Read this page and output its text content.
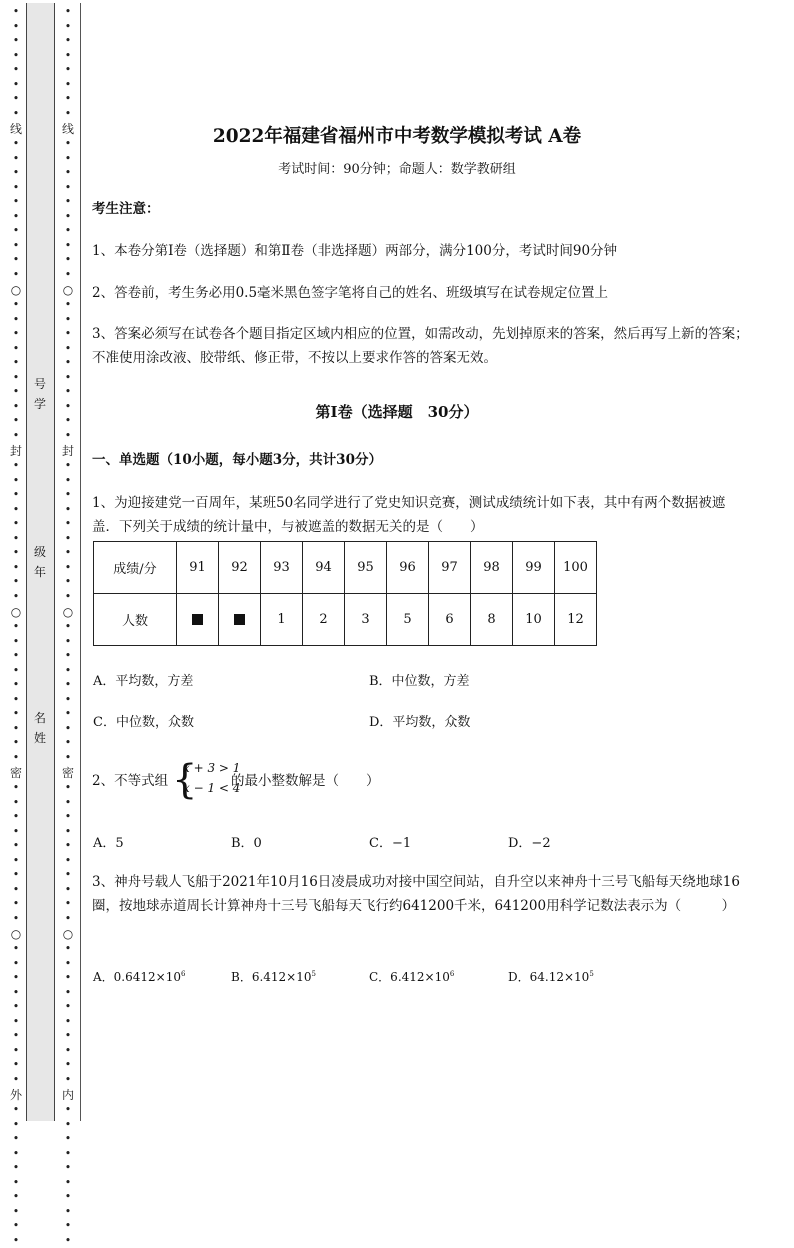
•
•
•
•
•
•
•
•
线
•
•
•
•
•
•
•
•
•
•
○
•
•
•
•
•
•
•
•
•
•
封
•
•
•
•
•
•
•
•
•
•
○
•
•
•
•
•
•
•
•
•
•
密
•
•
•
•
•
•
•
•
•
•
○
•
•
•
•
•
•
•
•
•
•
外
•
•
•
•
•
•
•
•
•
•
•
•
•
•
•
•
•
•
线
•
•
•
•
•
•
•
•
•
•
○
•
•
•
•
•
•
•
•
•
•
封
•
•
•
•
•
•
•
•
•
•
○
•
•
•
•
•
•
•
•
•
•
密
•
•
•
•
•
•
•
•
•
•
○
•
•
•
•
•
•
•
•
•
•
内
•
•
•
•
•
•
•
•
•
•
号
学
级
年
名
姓
2022年福建省福州市中考数学模拟考试 A卷
考试时间：90分钟；命题人：数学教研组
考生注意：
1、本卷分第Ⅰ卷（选择题）和第Ⅱ卷（非选择题）两部分，满分100分，考试时间90分钟
2、答卷前，考生务必用0.5毫米黑色签字笔将自己的姓名、班级填写在试卷规定位置上
3、答案必须写在试卷各个题目指定区域内相应的位置，如需改动，先划掉原来的答案，然后再写上新的答案；不准使用涂改液、胶带纸、修正带，不按以上要求作答的答案无效。
第Ⅰ卷（选择题　30分）
一、单选题（10小题，每小题3分，共计30分）
1、为迎接建党一百周年，某班50名同学进行了党史知识竞赛，测试成绩统计如下表，其中有两个数据被遮盖．下列关于成绩的统计量中，与被遮盖的数据无关的是（　　）
成绩/分	91	92	93	94	95	96	97	98	99	100
人数			1	2	3	5	6	8	10	12
A．平均数，方差	B．中位数，方差
C．中位数，众数	D．平均数，众数
2、不等式组 {
x + 3 > 1
x − 1 < 4
的最小整数解是（　　）
A．5	B．0	C．−1	D．−2
3、神舟号载人飞船于2021年10月16日凌晨成功对接中国空间站，自升空以来神舟十三号飞船每天绕地球16圈，按地球赤道周长计算神舟十三号飞船每天飞行约641200千米，641200用科学记数法表示为（　　　）
A．$0.6412\times 10^6$	B．$6.412\times 10^5$	C．$6.412\times 10^6$	D．$64.12\times 10^5$
